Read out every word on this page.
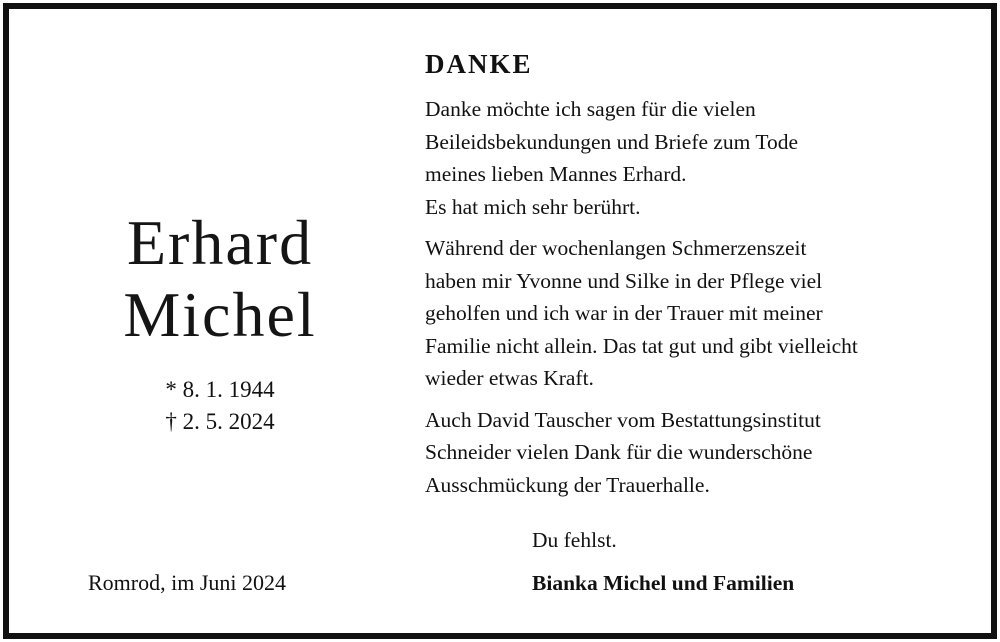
Erhard
Michel
* 8. 1. 1944
† 2. 5. 2024
Romrod, im Juni 2024
DANKE
Danke möchte ich sagen für die vielen
Beileidsbekundungen und Briefe zum Tode
meines lieben Mannes Erhard.
Es hat mich sehr berührt.
Während der wochenlangen Schmerzenszeit
haben mir Yvonne und Silke in der Pflege viel
geholfen und ich war in der Trauer mit meiner
Familie nicht allein. Das tat gut und gibt vielleicht
wieder etwas Kraft.
Auch David Tauscher vom Bestattungsinstitut
Schneider vielen Dank für die wunderschöne
Ausschmückung der Trauerhalle.
Du fehlst.
Bianka Michel und Familien
